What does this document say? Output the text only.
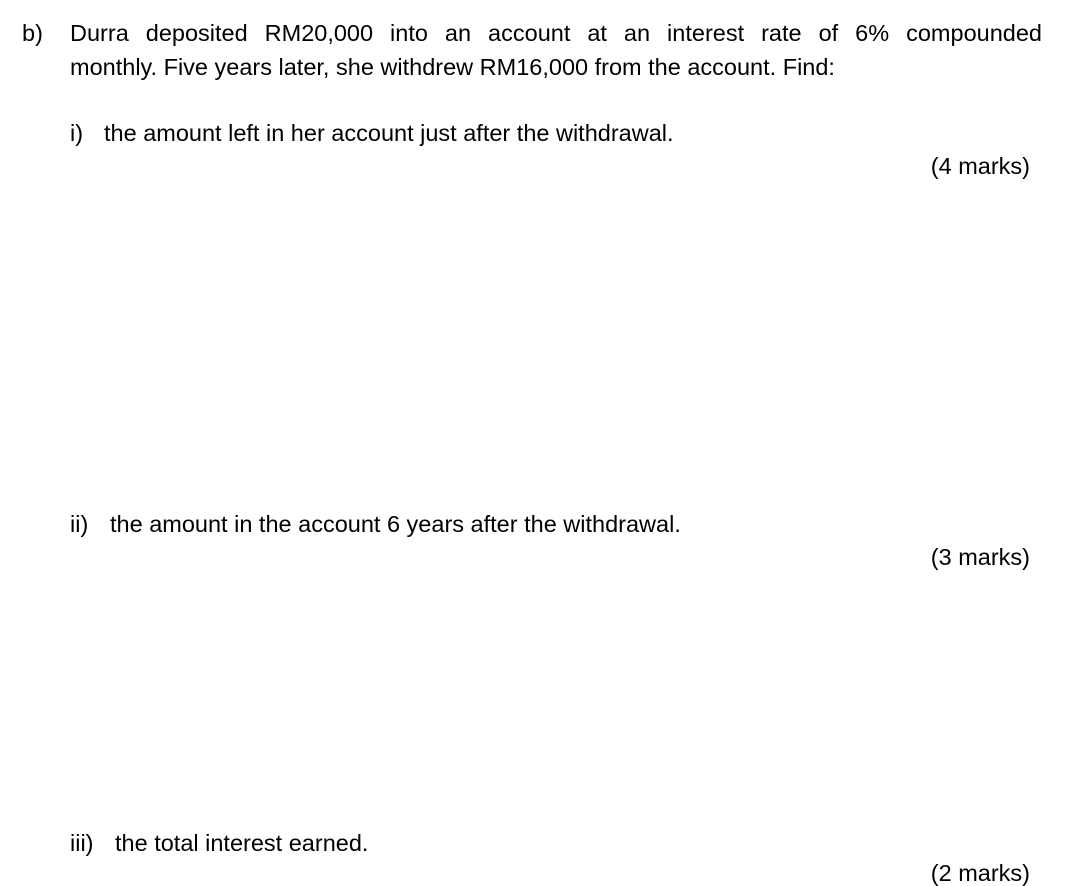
b) Durra deposited RM20,000 into an account at an interest rate of 6% compounded
monthly. Five years later, she withdrew RM16,000 from the account. Find:
i) the amount left in her account just after the withdrawal.
(4 marks)
ii) the amount in the account 6 years after the withdrawal.
(3 marks)
iii) the total interest earned.
(2 marks)
